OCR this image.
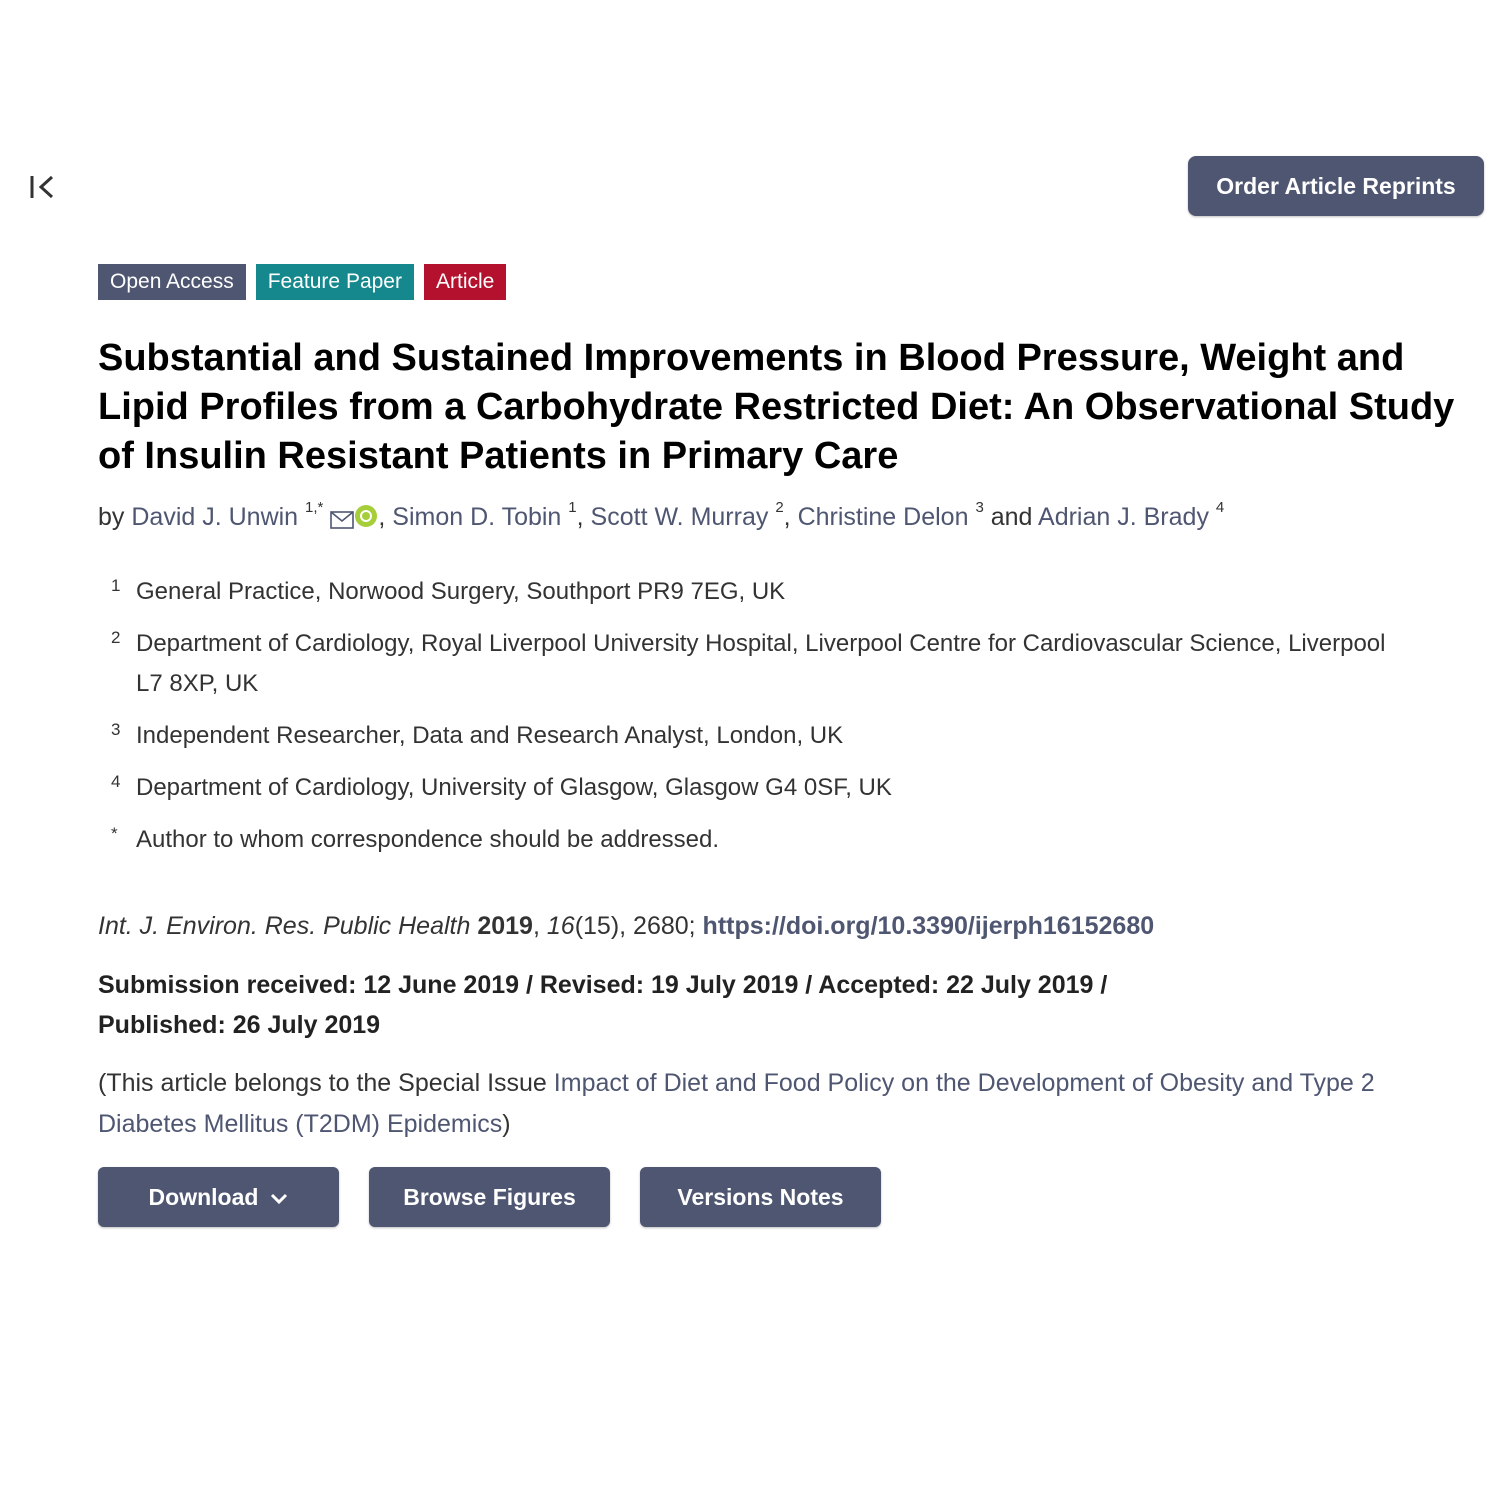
Order Article Reprints
Open Access	Feature Paper	Article
Substantial and Sustained Improvements in Blood Pressure, Weight and Lipid Profiles from a Carbohydrate Restricted Diet: An Observational Study of Insulin Resistant Patients in Primary Care
by David J. Unwin $^{1,*}$ , Simon D. Tobin $^1$, Scott W. Murray $^2$, Christine Delon $^3$ and Adrian J. Brady $^4$
1 General Practice, Norwood Surgery, Southport PR9 7EG, UK
2 Department of Cardiology, Royal Liverpool University Hospital, Liverpool Centre for Cardiovascular Science, Liverpool L7 8XP, UK
3 Independent Researcher, Data and Research Analyst, London, UK
4 Department of Cardiology, University of Glasgow, Glasgow G4 0SF, UK
* Author to whom correspondence should be addressed.
Int. J. Environ. Res. Public Health 2019, 16(15), 2680; https://doi.org/10.3390/ijerph16152680
Submission received: 12 June 2019 / Revised: 19 July 2019 / Accepted: 22 July 2019 / Published: 26 July 2019
(This article belongs to the Special Issue Impact of Diet and Food Policy on the Development of Obesity and Type 2 Diabetes Mellitus (T2DM) Epidemics)
Download	Browse Figures	Versions Notes
